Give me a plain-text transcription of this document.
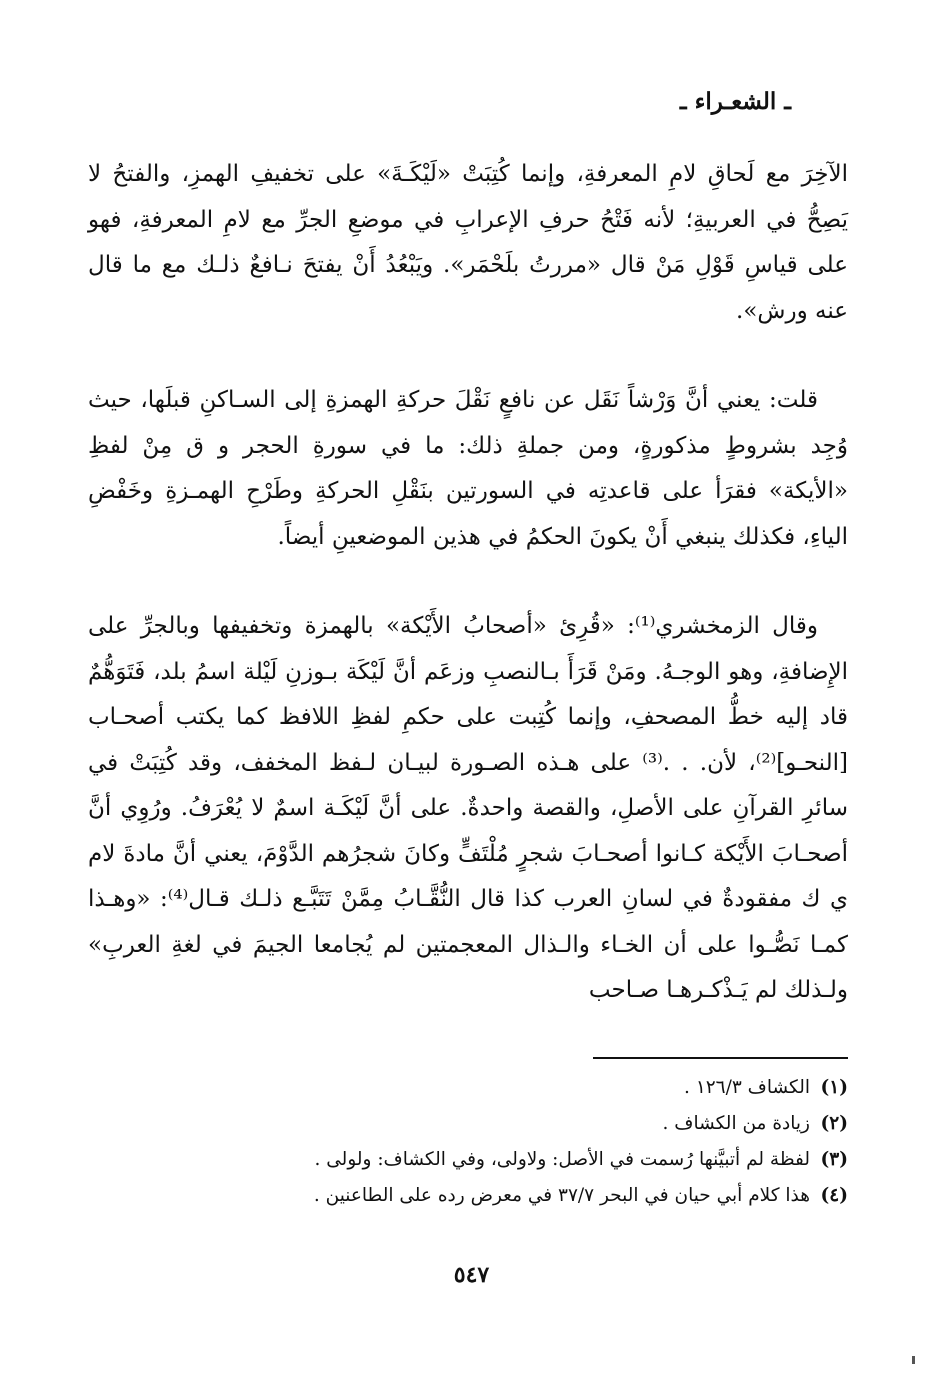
ـ الشعـراء ـ

الآخِرَ مع لَحاقِ لامِ المعرفةِ، وإنما كُتِبَتْ «لَيْكَـةَ» على تخفيفِ الهمزِ، والفتحُ لا يَصِحُّ في العربيةِ؛ لأنه فَتْحُ حرفِ الإعرابِ في موضعِ الجرِّ مع لامِ المعرفةِ، فهو على قياسِ قَوْلِ مَنْ قال «مررتُ بلَحْمَر». ويَبْعُدُ أَنْ يفتحَ نـافعٌ ذلـك مع ما قال عنه ورش».

قلت: يعني أنَّ وَرْشاً نَقَل عن نافعٍ نَقْلَ حركةِ الهمزةِ إلى السـاكنِ قبلَها، حيث وُجِد بشروطٍ مذكورةٍ، ومن جملةِ ذلك: ما في سورةِ الحجر و ق مِنْ لفظِ «الأيكة» فقرَأ على قاعدتِه في السورتين بنَقْلِ الحركةِ وطَرْحِ الهمـزةِ وخَفْضِ الياءِ، فكذلك ينبغي أَنْ يكونَ الحكمُ في هذين الموضعينِ أيضاً.

وقال الزمخشري⁽¹⁾: «قُرِئ «أصحابُ الأَيْكة» بالهمزة وتخفيفها وبالجرِّ على الإِضافةِ، وهو الوجـهُ. ومَنْ قَرَأَ بـالنصبِ وزعَم أنَّ لَيْكَة بـوزنِ لَيْلة اسمُ بلد، فَتَوَهُّمٌ قاد إليه خطُّ المصحفِ، وإنما كُتِبت على حكمِ لفظِ اللافظ كما يكتب أصحـاب [النحـو]⁽²⁾، لأن. . .⁽³⁾ على هـذه الصـورة لبيـان لـفظ المخفف، وقد كُتِبَتْ في سائرِ القرآنِ على الأصلِ، والقصة واحدةٌ. على أنَّ لَيْكَـة اسمٌ لا يُعْرَفُ. ورُوِي أنَّ أصحـابَ الأَيْكة كـانوا أصحـابَ شجرٍ مُلْتَفٍّ وكانَ شجرُهم الدَّوْمَ، يعني أنَّ مادةَ لام ي ك مفقودةٌ في لسانِ العرب كذا قال النُّقَّـابُ مِمَّنْ تَتَبَّـع ذلـك قـال⁽⁴⁾: «وهـذا كمـا نَصُّـوا على أن الخـاء والـذال المعجمتين لم يُجامعا الجيمَ في لغةِ العربِ» ولـذلك لم يَـذْكـرهـا صـاحب

(١)
الكشاف ١٢٦/٣ .
(٢)
زيادة من الكشاف .
(٣)
لفظة لم أتبيَّنها رُسمت في الأصل: ولاولى، وفي الكشاف: ولولى .
(٤)
هذا كلام أبي حيان في البحر ٣٧/٧ في معرض رده على الطاعنين .
٥٤٧
